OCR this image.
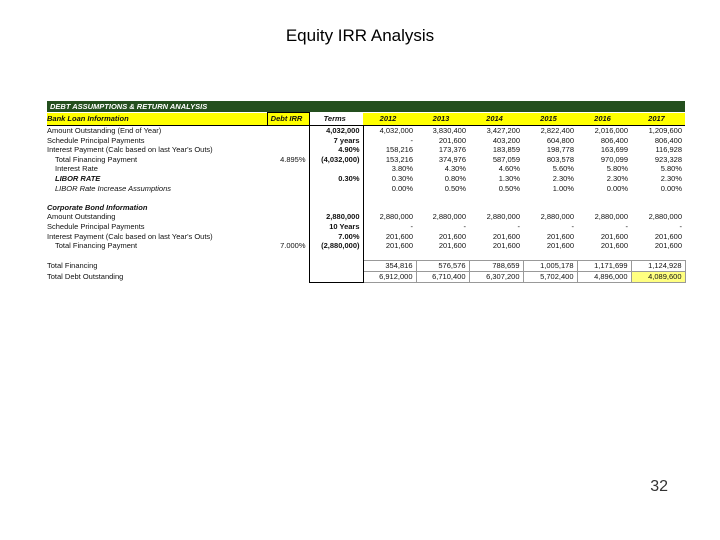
Equity IRR Analysis
DEBT ASSUMPTIONS & RETURN ANALYSIS
Bank Loan Information	Debt IRR	Terms	2012	2013	2014	2015	2016	2017
Amount Outstanding (End of Year)		4,032,000	4,032,000	3,830,400	3,427,200	2,822,400	2,016,000	1,209,600
Schedule Principal Payments		7 years	-	201,600	403,200	604,800	806,400	806,400
Interest Payment (Calc based on last Year's Outs)		4.90%	158,216	173,376	183,859	198,778	163,699	116,928
Total Financing Payment	4.895%	(4,032,000)	153,216	374,976	587,059	803,578	970,099	923,328
Interest Rate			3.80%	4.30%	4.60%	5.60%	5.80%	5.80%
LIBOR RATE		0.30%	0.30%	0.80%	1.30%	2.30%	2.30%	2.30%
LIBOR Rate Increase Assumptions			0.00%	0.50%	0.50%	1.00%	0.00%	0.00%

Corporate Bond Information								
Amount Outstanding		2,880,000	2,880,000	2,880,000	2,880,000	2,880,000	2,880,000	2,880,000
Schedule Principal Payments		10 Years	-	-	-	-	-	-
Interest Payment (Calc based on last Year's Outs)		7.00%	201,600	201,600	201,600	201,600	201,600	201,600
Total Financing Payment	7.000%	(2,880,000)	201,600	201,600	201,600	201,600	201,600	201,600

Total Financing			354,816	576,576	788,659	1,005,178	1,171,699	1,124,928
Total Debt Outstanding			6,912,000	6,710,400	6,307,200	5,702,400	4,896,000	4,089,600
32
